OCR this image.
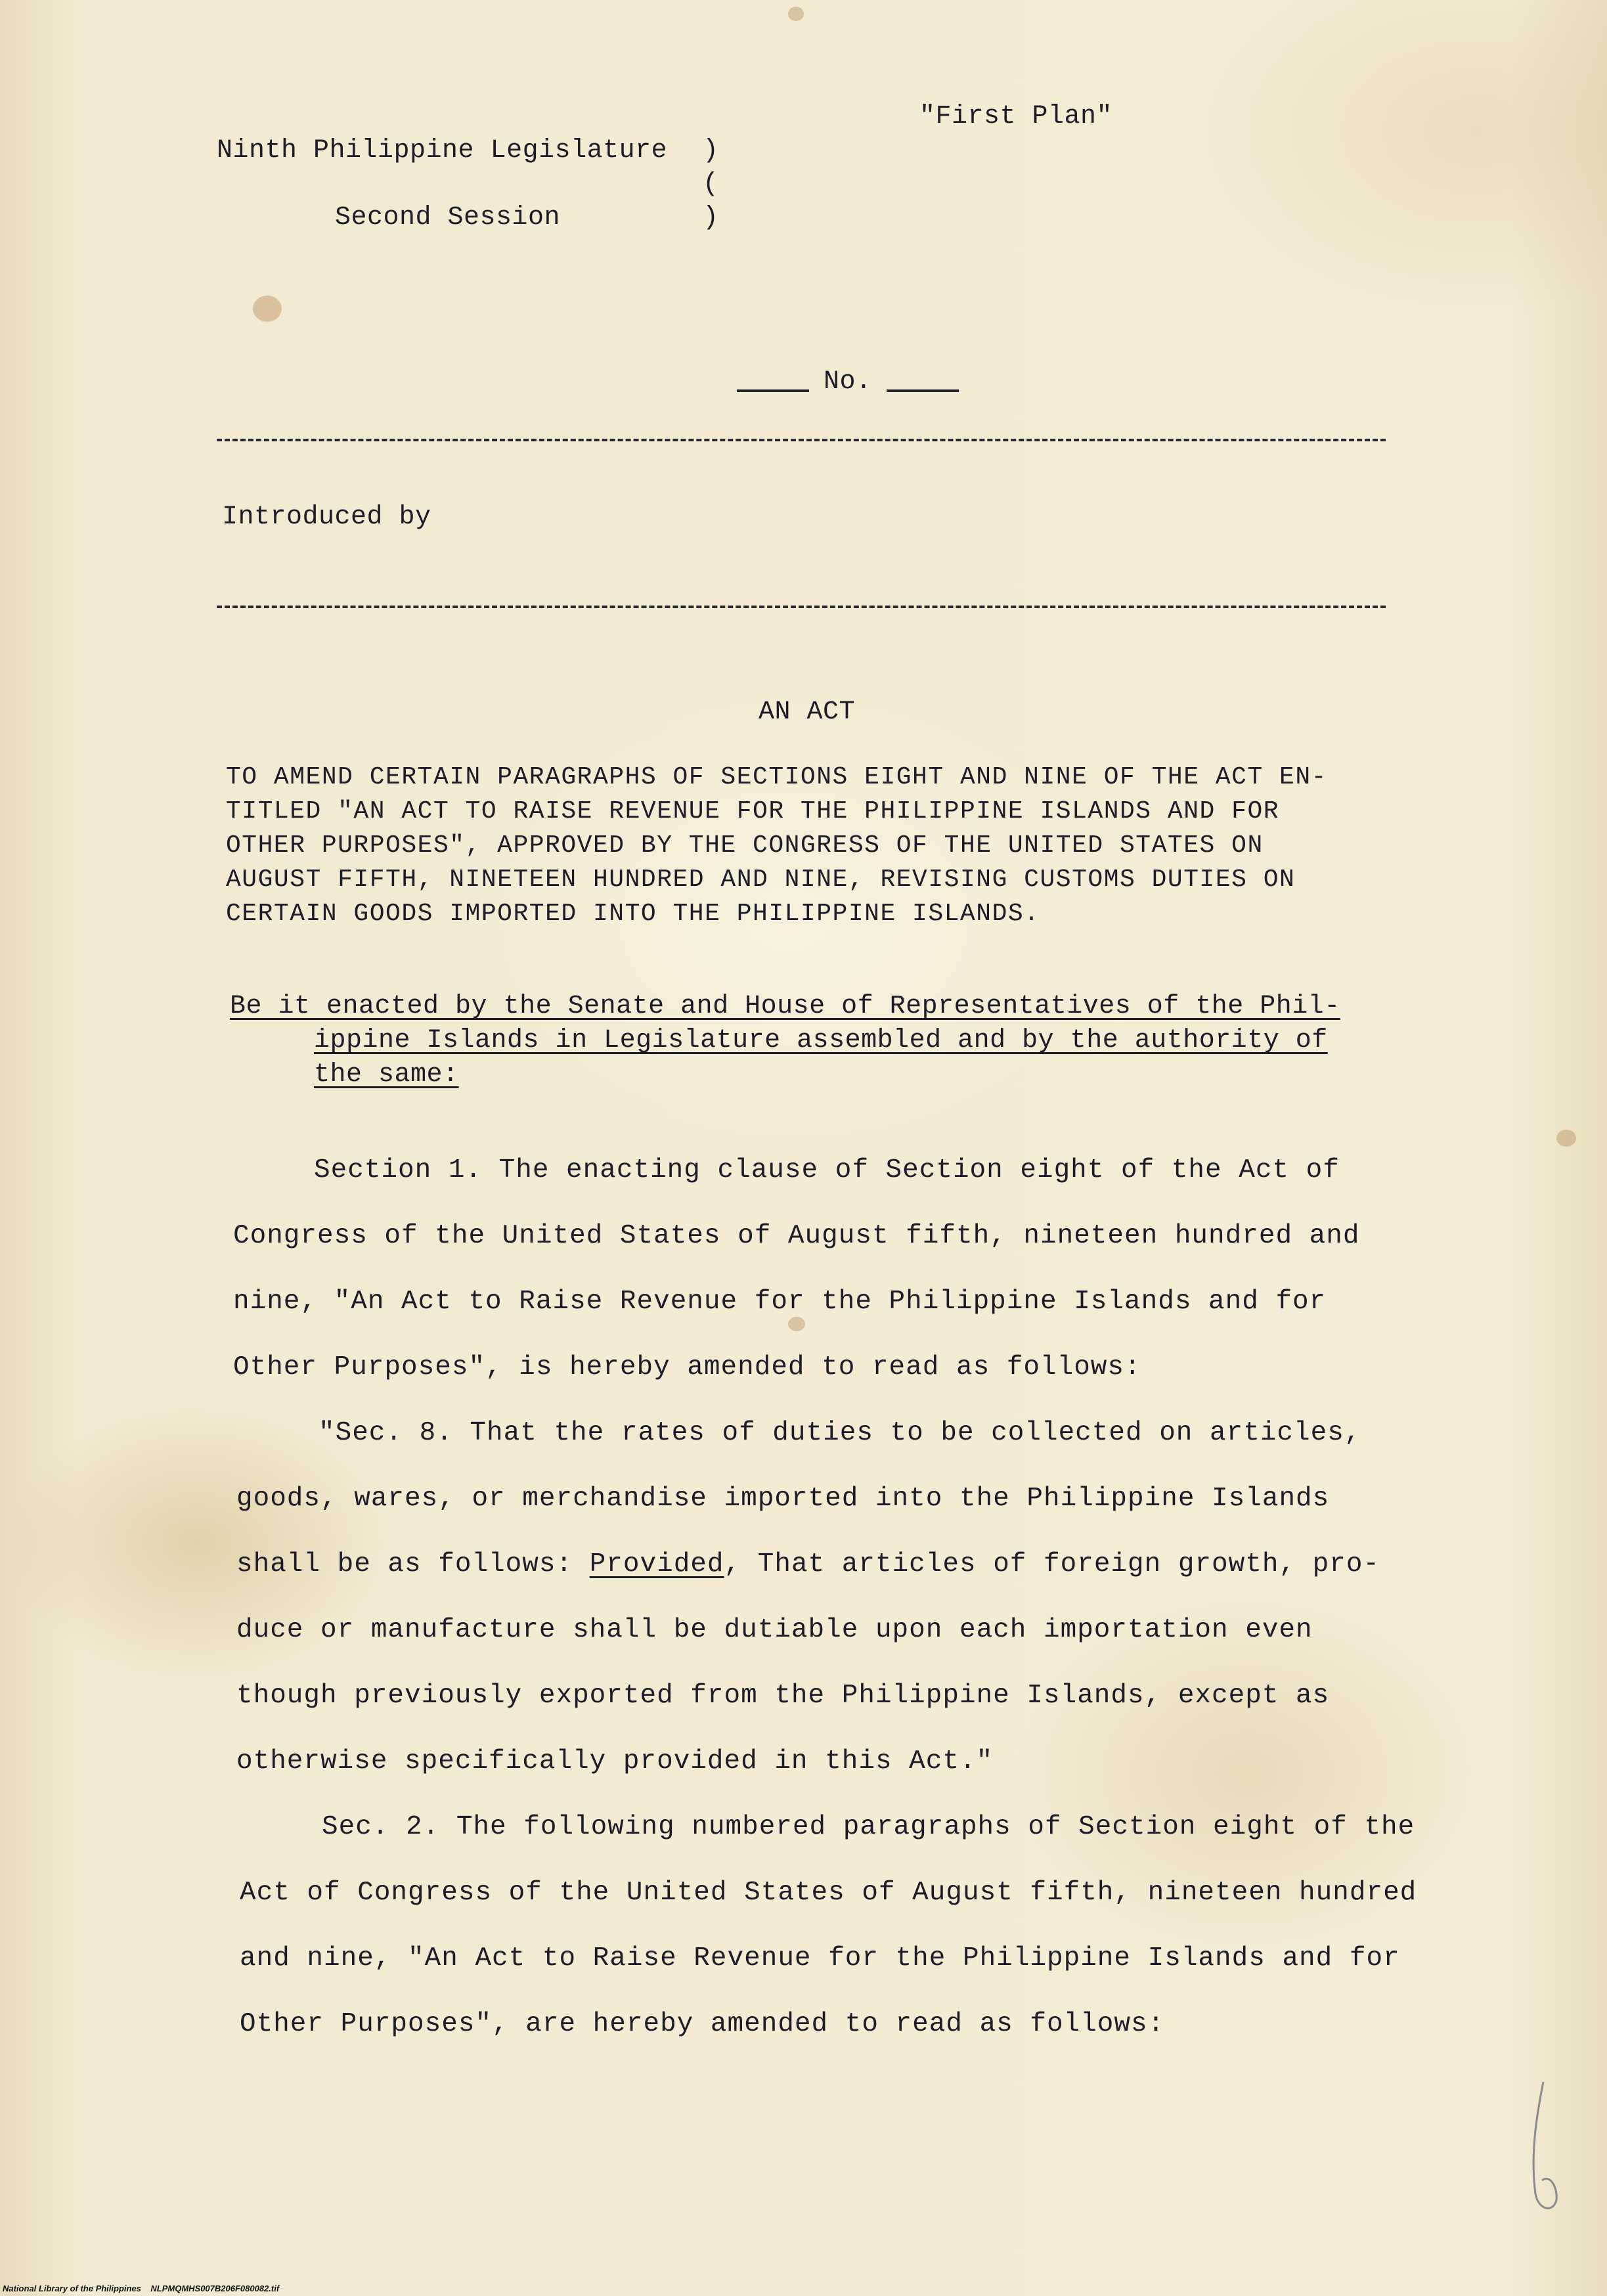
"First Plan"
Ninth Philippine Legislature
Second Session
)
(
)
No.
Introduced by
AN ACT
TO AMEND CERTAIN PARAGRAPHS OF SECTIONS EIGHT AND NINE OF THE ACT EN-
TITLED "AN ACT TO RAISE REVENUE FOR THE PHILIPPINE ISLANDS AND FOR
OTHER PURPOSES", APPROVED BY THE CONGRESS OF THE UNITED STATES ON
AUGUST FIFTH, NINETEEN HUNDRED AND NINE, REVISING CUSTOMS DUTIES ON
CERTAIN GOODS IMPORTED INTO THE PHILIPPINE ISLANDS.
Be it enacted by the Senate and House of Representatives of the Phil-
ippine Islands in Legislature assembled and by the authority of
the same:
Section 1. The enacting clause of Section eight of the Act of
Congress of the United States of August fifth, nineteen hundred and
nine, "An Act to Raise Revenue for the Philippine Islands and for
Other Purposes", is hereby amended to read as follows:
"Sec. 8. That the rates of duties to be collected on articles,
goods, wares, or merchandise imported into the Philippine Islands
shall be as follows: Provided, That articles of foreign growth, pro-
duce or manufacture shall be dutiable upon each importation even
though previously exported from the Philippine Islands, except as
otherwise specifically provided in this Act."
Sec. 2. The following numbered paragraphs of Section eight of the
Act of Congress of the United States of August fifth, nineteen hundred
and nine, "An Act to Raise Revenue for the Philippine Islands and for
Other Purposes", are hereby amended to read as follows:
National Library of the Philippines NLPMQMHS007B206F080082.tif
